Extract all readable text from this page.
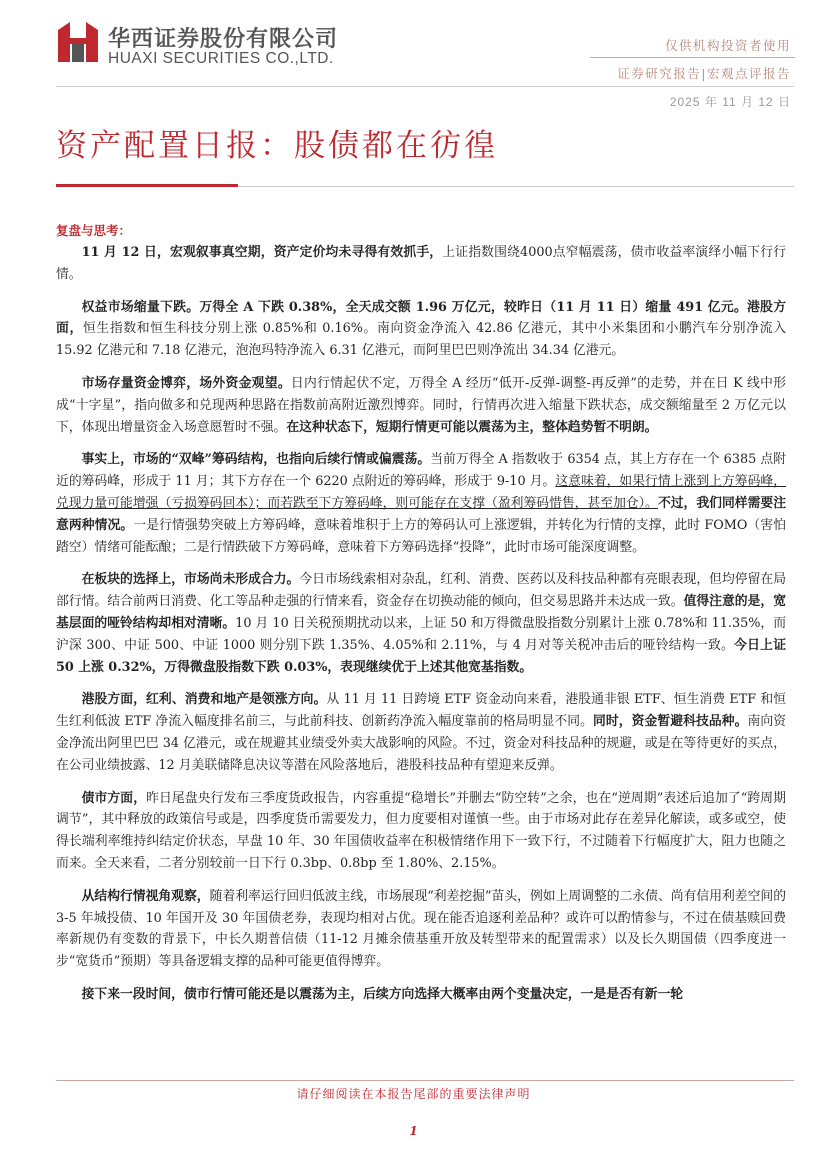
华西证券股份有限公司
HUAXI SECURITIES CO.,LTD.
仅供机构投资者使用
证券研究报告|宏观点评报告
2025 年 11 月 12 日
资产配置日报：股债都在彷徨
复盘与思考：

11 月 12 日，宏观叙事真空期，资产定价均未寻得有效抓手，上证指数围绕4000点窄幅震荡，债市收益率演绎小幅下行行情。

权益市场缩量下跌。万得全 A 下跌 0.38%，全天成交额 1.96 万亿元，较昨日（11 月 11 日）缩量 491 亿元。港股方面，恒生指数和恒生科技分别上涨 0.85%和 0.16%。南向资金净流入 42.86 亿港元，其中小米集团和小鹏汽车分别净流入 15.92 亿港元和 7.18 亿港元，泡泡玛特净流入 6.31 亿港元，而阿里巴巴则净流出 34.34 亿港元。

市场存量资金博弈，场外资金观望。日内行情起伏不定，万得全 A 经历“低开-反弹-调整-再反弹”的走势，并在日 K 线中形成“十字星”，指向做多和兑现两种思路在指数前高附近激烈博弈。同时，行情再次进入缩量下跌状态，成交额缩量至 2 万亿元以下，体现出增量资金入场意愿暂时不强。在这种状态下，短期行情更可能以震荡为主，整体趋势暂不明朗。

事实上，市场的“双峰”筹码结构，也指向后续行情或偏震荡。当前万得全 A 指数收于 6354 点，其上方存在一个 6385 点附近的筹码峰，形成于 11 月；其下方存在一个 6220 点附近的筹码峰，形成于 9-10 月。这意味着，如果行情上涨到上方筹码峰，兑现力量可能增强（亏损筹码回本）；而若跌至下方筹码峰，则可能存在支撑（盈利筹码惜售，甚至加仓）。不过，我们同样需要注意两种情况。一是行情强势突破上方筹码峰，意味着堆积于上方的筹码认可上涨逻辑，并转化为行情的支撑，此时 FOMO（害怕踏空）情绪可能酝酿；二是行情跌破下方筹码峰，意味着下方筹码选择“投降”，此时市场可能深度调整。

在板块的选择上，市场尚未形成合力。今日市场线索相对杂乱，红利、消费、医药以及科技品种都有亮眼表现，但均停留在局部行情。结合前两日消费、化工等品种走强的行情来看，资金存在切换动能的倾向，但交易思路并未达成一致。值得注意的是，宽基层面的哑铃结构却相对清晰。10 月 10 日关税预期扰动以来，上证 50 和万得微盘股指数分别累计上涨 0.78%和 11.35%，而沪深 300、中证 500、中证 1000 则分别下跌 1.35%、4.05%和 2.11%，与 4 月对等关税冲击后的哑铃结构一致。今日上证 50 上涨 0.32%，万得微盘股指数下跌 0.03%，表现继续优于上述其他宽基指数。

港股方面，红利、消费和地产是领涨方向。从 11 月 11 日跨境 ETF 资金动向来看，港股通非银 ETF、恒生消费 ETF 和恒生红利低波 ETF 净流入幅度排名前三，与此前科技、创新药净流入幅度靠前的格局明显不同。同时，资金暂避科技品种。南向资金净流出阿里巴巴 34 亿港元，或在规避其业绩受外卖大战影响的风险。不过，资金对科技品种的规避，或是在等待更好的买点，在公司业绩披露、12 月美联储降息决议等潜在风险落地后，港股科技品种有望迎来反弹。

债市方面，昨日尾盘央行发布三季度货政报告，内容重提“稳增长”并删去“防空转”之余，也在“逆周期”表述后追加了“跨周期调节”，其中释放的政策信号或是，四季度货币需要发力，但力度要相对谨慎一些。由于市场对此存在差异化解读，或多或空，使得长端利率维持纠结定价状态，早盘 10 年、30 年国债收益率在积极情绪作用下一致下行，不过随着下行幅度扩大，阻力也随之而来。全天来看，二者分别较前一日下行 0.3bp、0.8bp 至 1.80%、2.15%。

从结构行情视角观察，随着利率运行回归低波主线，市场展现“利差挖掘”苗头，例如上周调整的二永债、尚有信用利差空间的 3-5 年城投债、10 年国开及 30 年国债老券，表现均相对占优。现在能否追逐利差品种？或许可以酌情参与，不过在债基赎回费率新规仍有变数的背景下，中长久期普信债（11-12 月摊余债基重开放及转型带来的配置需求）以及长久期国债（四季度进一步“宽货币”预期）等具备逻辑支撑的品种可能更值得博弈。

接下来一段时间，债市行情可能还是以震荡为主，后续方向选择大概率由两个变量决定，一是是否有新一轮

请仔细阅读在本报告尾部的重要法律声明
1
